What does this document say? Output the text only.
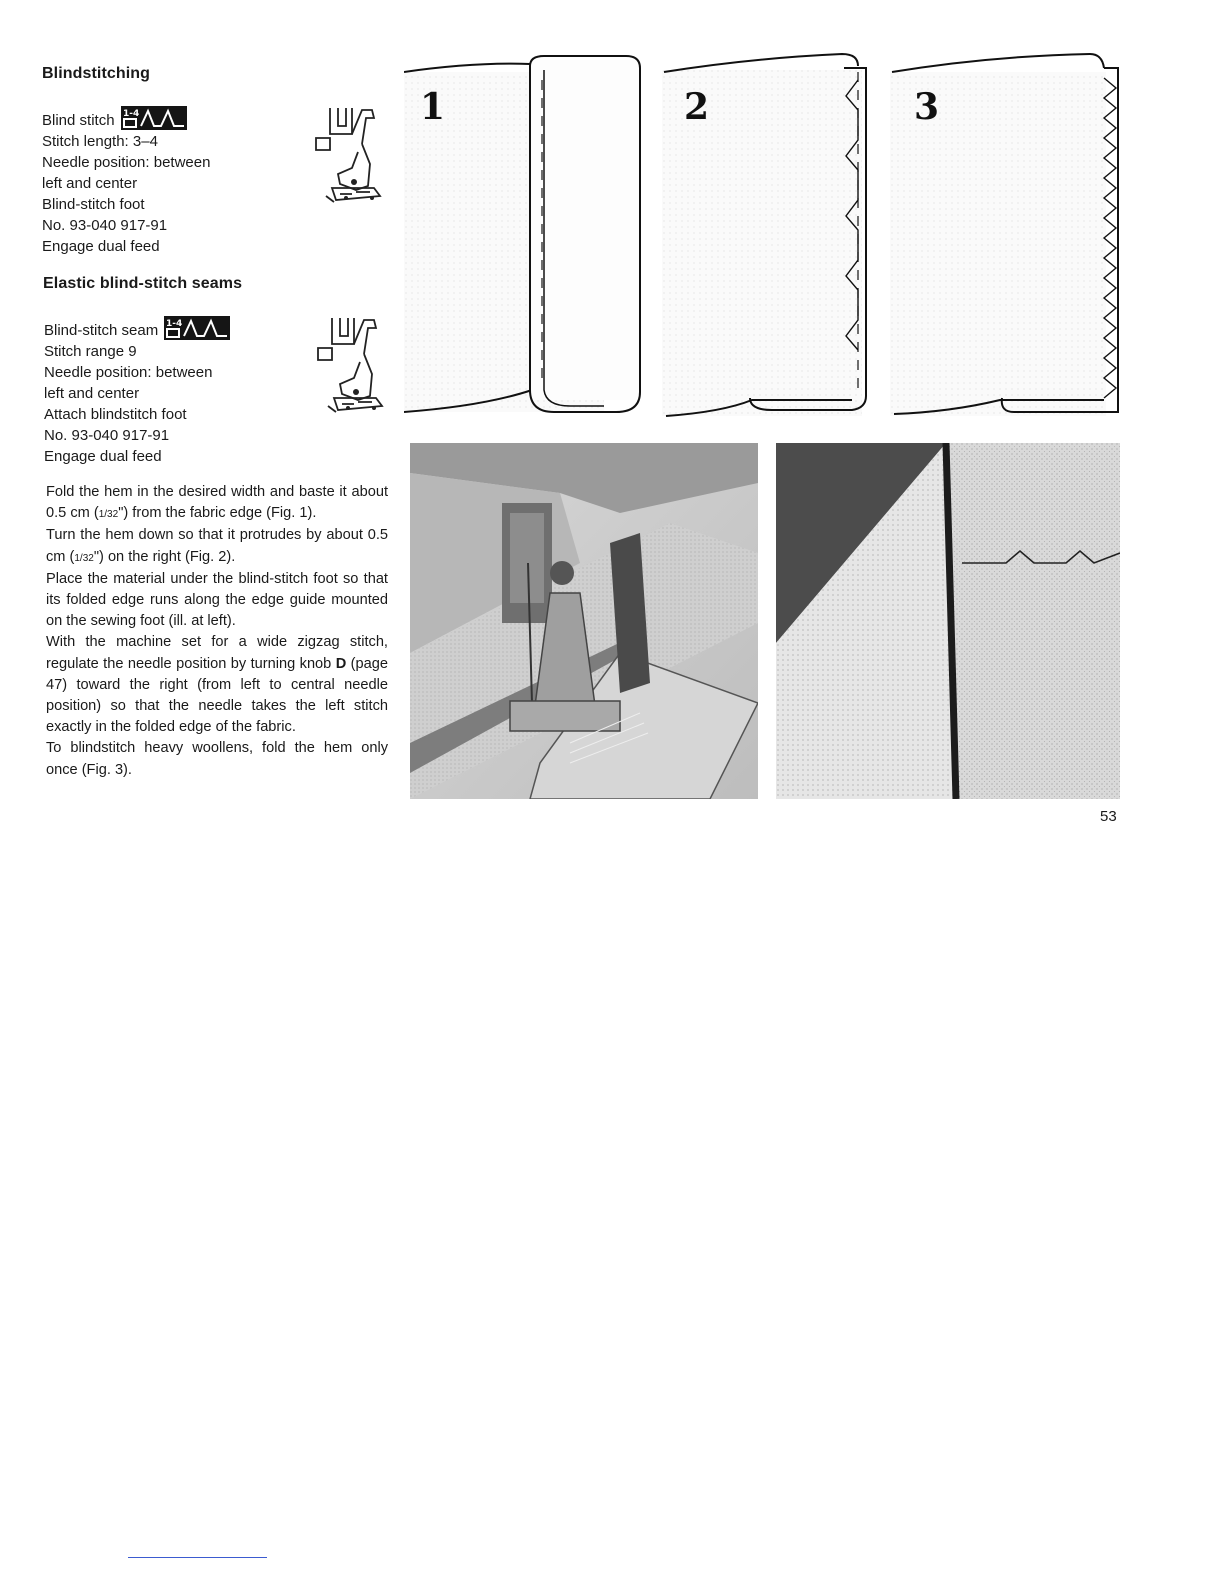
Blindstitching
Blind stitch 1-4
Stitch length: 3–4
Needle position: between
left and center
Blind-stitch foot
No. 93-040 917-91
Engage dual feed
Elastic blind-stitch seams
Blind-stitch seam 1-4
Stitch range 9
Needle position: between
left and center
Attach blindstitch foot
No. 93-040 917-91
Engage dual feed

Fold the hem in the desired width and baste it about 0.5 cm (1/32") from the fabric edge (Fig. 1).

Turn the hem down so that it protrudes by about 0.5 cm (1/32") on the right (Fig. 2).

Place the material under the blind-stitch foot so that its folded edge runs along the edge guide mounted on the sewing foot (ill. at left).

With the machine set for a wide zigzag stitch, regulate the needle position by turning knob D (page 47) toward the right (from left to central needle position) so that the needle takes the left stitch exactly in the folded edge of the fabric.

To blindstitch heavy woollens, fold the hem only once (Fig. 3).

1	2	3
53
